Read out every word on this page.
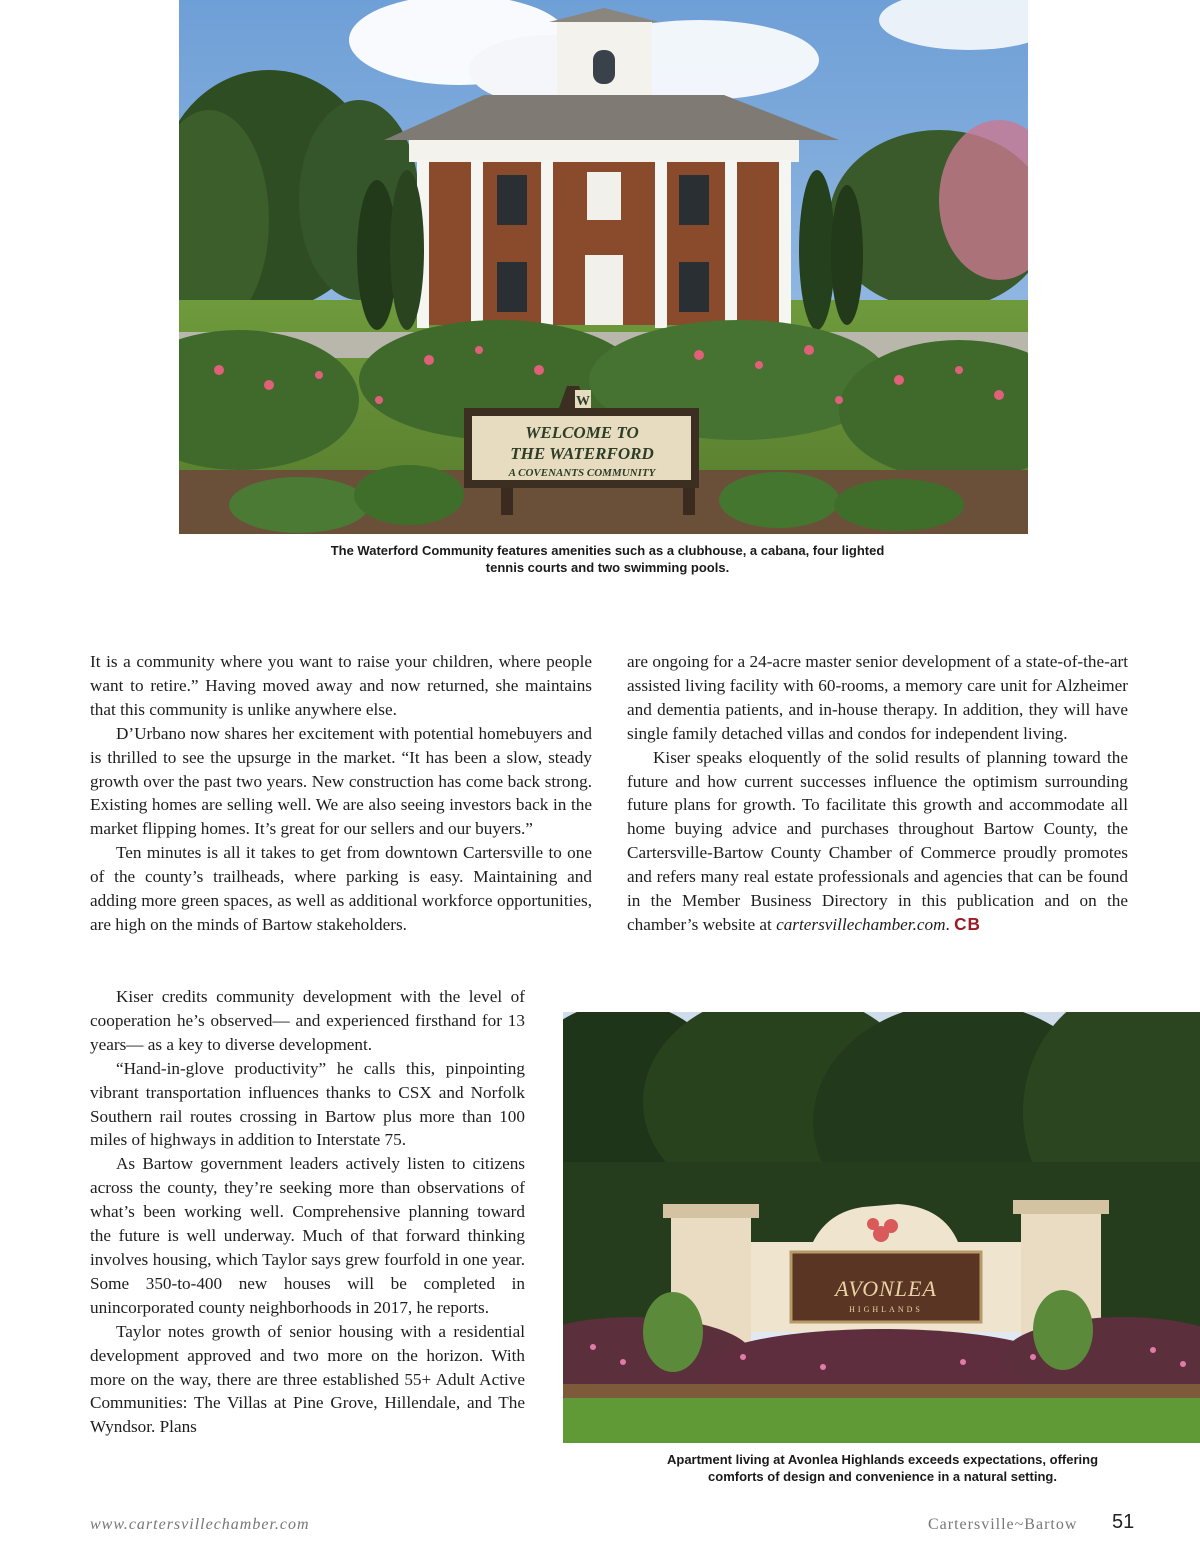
W
WELCOME TO
THE WATERFORD
A COVENANTS COMMUNITY
The Waterford Community features amenities such as a clubhouse, a cabana, four lighted
tennis courts and two swimming pools.

It is a community where you want to raise your children, where people want to retire.” Having moved away and now returned, she maintains that this community is unlike anywhere else.

D’Urbano now shares her excitement with potential homebuyers and is thrilled to see the upsurge in the market. “It has been a slow, steady growth over the past two years. New construction has come back strong. Existing homes are selling well. We are also seeing investors back in the market flipping homes. It’s great for our sellers and our buyers.”

Ten minutes is all it takes to get from downtown Cartersville to one of the county’s trailheads, where parking is easy. Maintaining and adding more green spaces, as well as additional workforce opportunities, are high on the minds of Bartow stakeholders.

Kiser credits community development with the level of cooperation he’s observed— and experienced firsthand for 13 years— as a key to diverse development.

“Hand-in-glove productivity” he calls this, pinpointing vibrant transportation influences thanks to CSX and Norfolk Southern rail routes crossing in Bartow plus more than 100 miles of highways in addition to Interstate 75.

As Bartow government leaders actively listen to citizens across the county, they’re seeking more than observations of what’s been working well. Comprehensive planning toward the future is well underway. Much of that forward thinking involves housing, which Taylor says grew fourfold in one year. Some 350-to-400 new houses will be completed in unincorporated county neighborhoods in 2017, he reports.

Taylor notes growth of senior housing with a residential development approved and two more on the horizon. With more on the way, there are three established 55+ Adult Active Communities: The Villas at Pine Grove, Hillendale, and The Wyndsor. Plans

are ongoing for a 24-acre master senior development of a state-of-the-art assisted living facility with 60-rooms, a memory care unit for Alzheimer and dementia patients, and in-house therapy. In addition, they will have single family detached villas and condos for independent living.

Kiser speaks eloquently of the solid results of planning toward the future and how current successes influence the optimism surrounding future plans for growth. To facilitate this growth and accommodate all home buying advice and purchases throughout Bartow County, the Cartersville-Bartow County Chamber of Commerce proudly promotes and refers many real estate professionals and agencies that can be found in the Member Business Directory in this publication and on the chamber’s website at cartersvillechamber.com. CB

AVONLEA
HIGHLANDS
Apartment living at Avonlea Highlands exceeds expectations, offering
comforts of design and convenience in a natural setting.
www.cartersvillechamber.com	Cartersville~Bartow 51
